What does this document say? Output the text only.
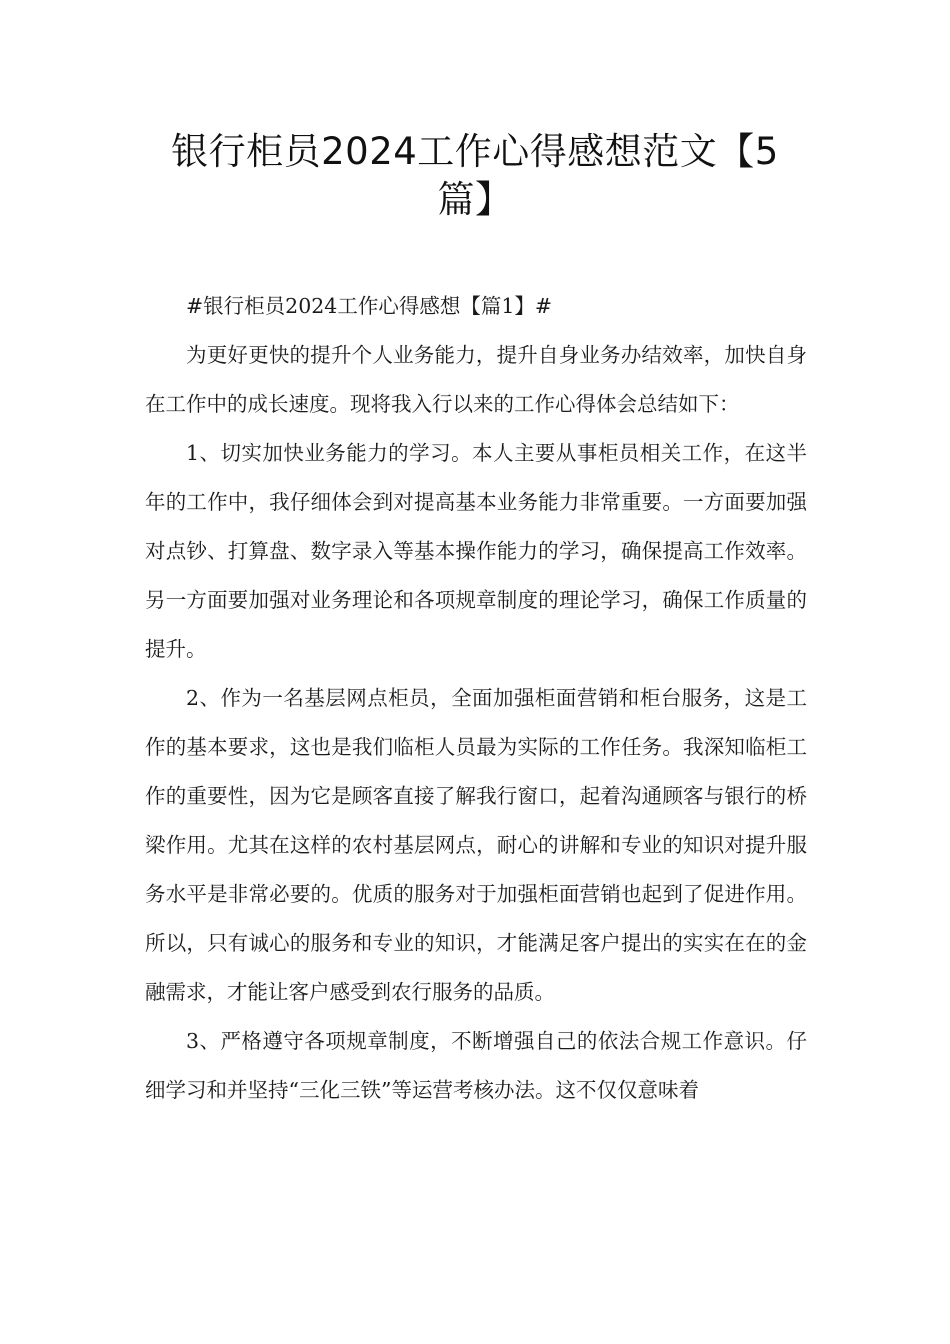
银行柜员2024工作心得感想范文【5篇】

#银行柜员2024工作心得感想【篇1】#

为更好更快的提升个人业务能力，提升自身业务办结效率，加快自身在工作中的成长速度。现将我入行以来的工作心得体会总结如下：

1、切实加快业务能力的学习。本人主要从事柜员相关工作，在这半年的工作中，我仔细体会到对提高基本业务能力非常重要。一方面要加强对点钞、打算盘、数字录入等基本操作能力的学习，确保提高工作效率。另一方面要加强对业务理论和各项规章制度的理论学习，确保工作质量的提升。

2、作为一名基层网点柜员，全面加强柜面营销和柜台服务，这是工作的基本要求，这也是我们临柜人员最为实际的工作任务。我深知临柜工作的重要性，因为它是顾客直接了解我行窗口，起着沟通顾客与银行的桥梁作用。尤其在这样的农村基层网点，耐心的讲解和专业的知识对提升服务水平是非常必要的。优质的服务对于加强柜面营销也起到了促进作用。所以，只有诚心的服务和专业的知识，才能满足客户提出的实实在在的金融需求，才能让客户感受到农行服务的品质。

3、严格遵守各项规章制度，不断增强自己的依法合规工作意识。仔细学习和并坚持“三化三铁”等运营考核办法。这不仅仅意味着
